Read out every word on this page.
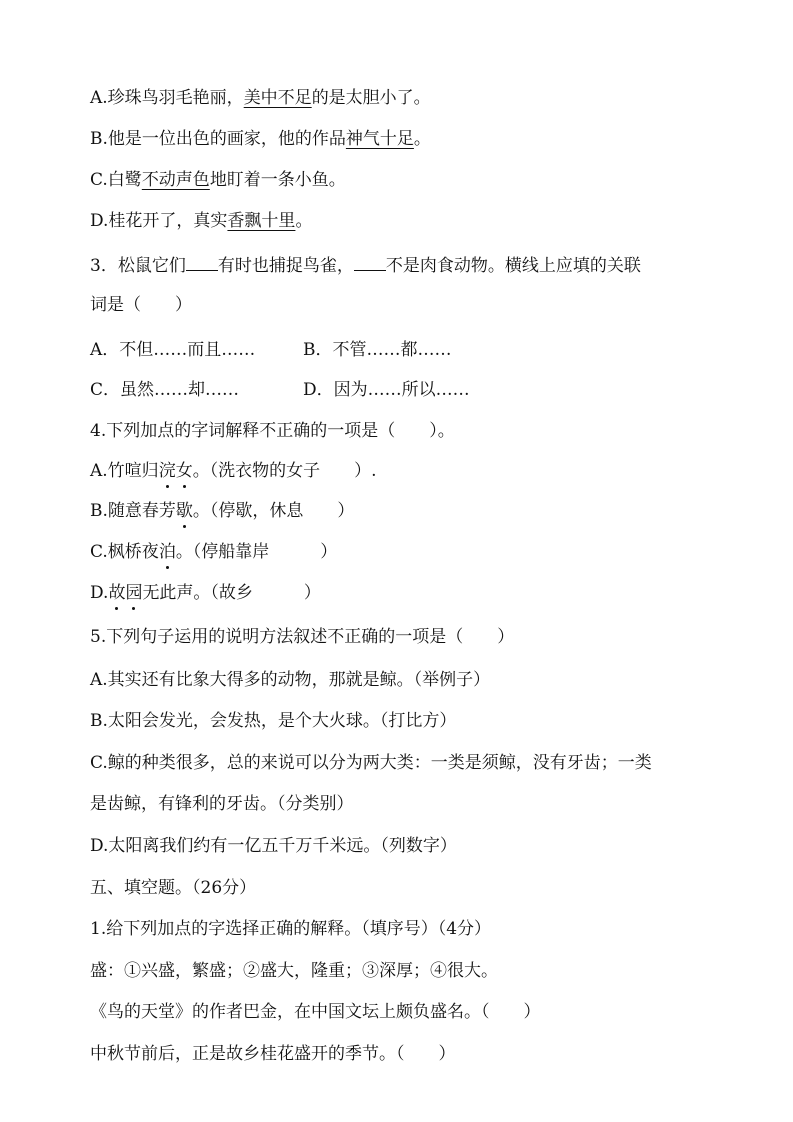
A.珍珠鸟羽毛艳丽，美中不足的是太胆小了。
B.他是一位出色的画家，他的作品神气十足。
C.白鹭不动声色地盯着一条小鱼。
D.桂花开了，真实香飘十里。
3．松鼠它们 有时也捕捉鸟雀， 不是肉食动物。横线上应填的关联
词是（　　）
A．不但……而且……	B．不管……都……
C．虽然……却……	D．因为……所以……
4.下列加点的字词解释不正确的一项是（　　）。
A.竹喧归浣女。（洗衣物的女子　　）.
B.随意春芳歇。（停歇，休息　　）
C.枫桥夜泊。（停船靠岸　　　）
D.故园无此声。（故乡　　　）
5.下列句子运用的说明方法叙述不正确的一项是（　　）
A.其实还有比象大得多的动物，那就是鲸。（举例子）
B.太阳会发光，会发热，是个大火球。（打比方）
C.鲸的种类很多，总的来说可以分为两大类：一类是须鲸，没有牙齿；一类
是齿鲸，有锋利的牙齿。（分类别）
D.太阳离我们约有一亿五千万千米远。（列数字）
五、填空题。（26分）
1.给下列加点的字选择正确的解释。（填序号）（4分）
盛：①兴盛，繁盛；②盛大，隆重；③深厚；④很大。
《鸟的天堂》的作者巴金，在中国文坛上颇负盛名。（　　）
中秋节前后，正是故乡桂花盛开的季节。（　　）
